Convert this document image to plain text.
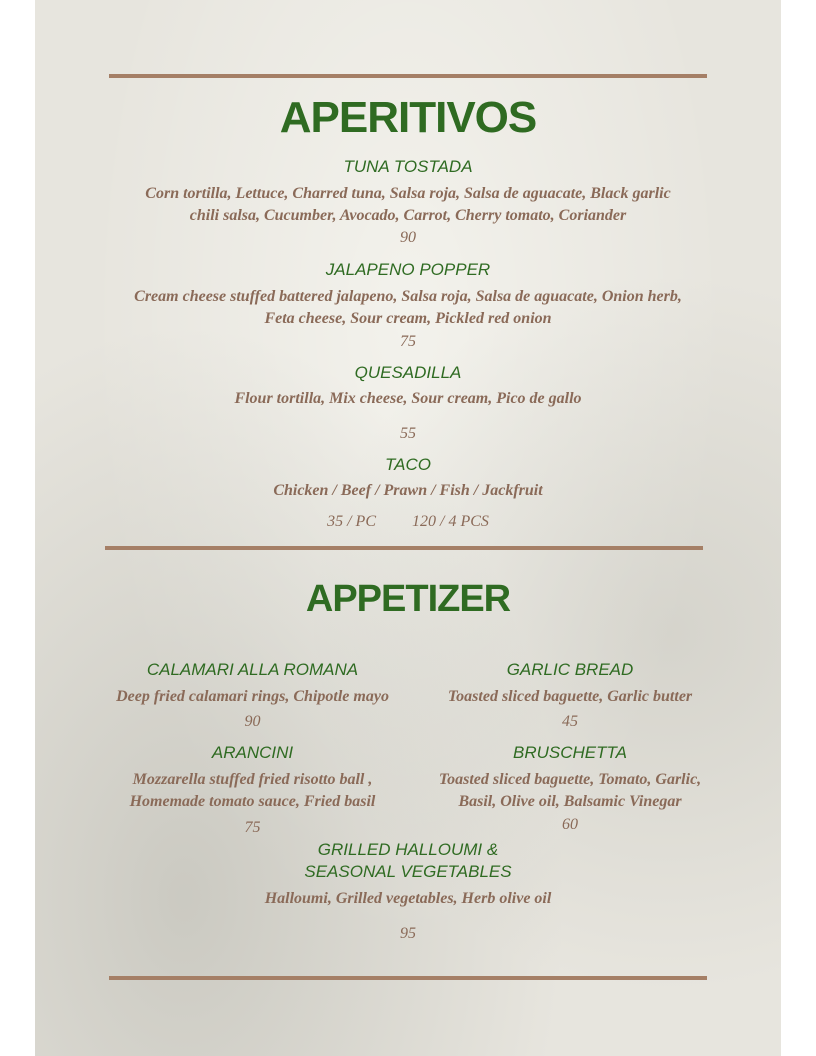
APERITIVOS
TUNA TOSTADA
Corn tortilla, Lettuce, Charred tuna, Salsa roja, Salsa de aguacate, Black garlic
chili salsa, Cucumber, Avocado, Carrot, Cherry tomato, Coriander
90
JALAPENO POPPER
Cream cheese stuffed battered jalapeno, Salsa roja, Salsa de aguacate, Onion herb,
Feta cheese, Sour cream, Pickled red onion
75
QUESADILLA
Flour tortilla, Mix cheese, Sour cream, Pico de gallo
55
TACO
Chicken / Beef / Prawn / Fish / Jackfruit
35 / PC 120 / 4 PCS
APPETIZER
CALAMARI ALLA ROMANA
Deep fried calamari rings, Chipotle mayo
90
GARLIC BREAD
Toasted sliced baguette, Garlic butter
45
ARANCINI
Mozzarella stuffed fried risotto ball ,
Homemade tomato sauce, Fried basil
75
BRUSCHETTA
Toasted sliced baguette, Tomato, Garlic,
Basil, Olive oil, Balsamic Vinegar
60
GRILLED HALLOUMI &
SEASONAL VEGETABLES
Halloumi, Grilled vegetables, Herb olive oil
95
